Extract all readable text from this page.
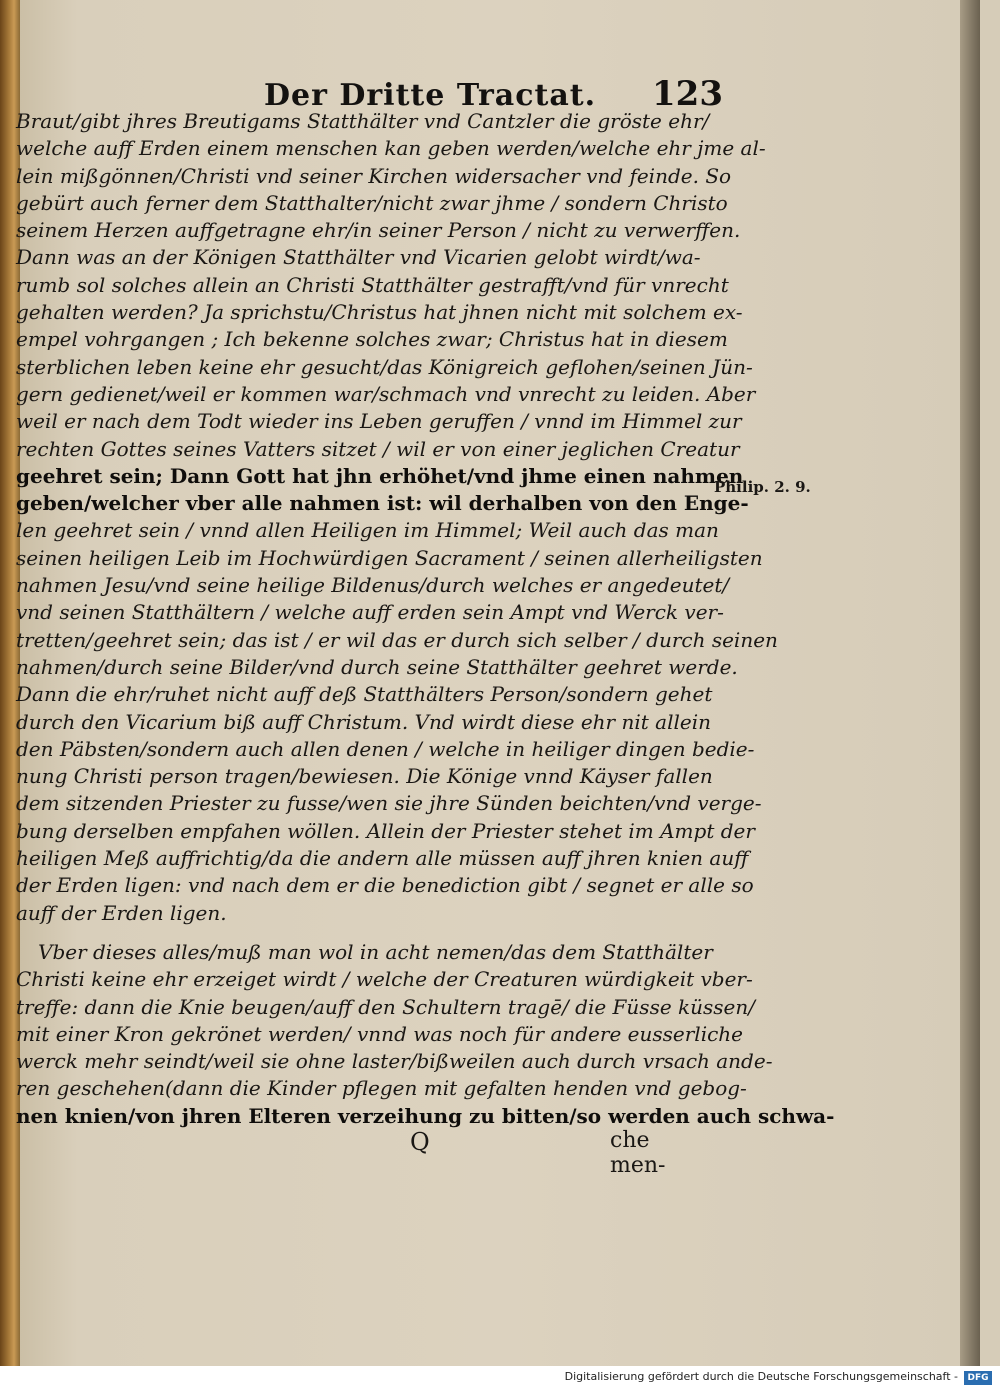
Der Dritte Tractat. 123
Braut/gibt jhres Breutigams Statthälter vnd Cantzler die gröste ehr/
welche auff Erden einem menschen kan geben werden/welche ehr jme al-
lein mißgönnen/Christi vnd seiner Kirchen widersacher vnd feinde. So
gebürt auch ferner dem Statthalter/nicht zwar jhme / sondern Christo
seinem Herzen auffgetragne ehr/in seiner Person / nicht zu verwerffen.
Dann was an der Königen Statthälter vnd Vicarien gelobt wirdt/wa-
rumb sol solches allein an Christi Statthälter gestrafft/vnd für vnrecht
gehalten werden? Ja sprichstu/Christus hat jhnen nicht mit solchem ex-
empel vohrgangen ; Ich bekenne solches zwar; Christus hat in diesem
sterblichen leben keine ehr gesucht/das Königreich geflohen/seinen Jün-
gern gedienet/weil er kommen war/schmach vnd vnrecht zu leiden. Aber
weil er nach dem Todt wieder ins Leben geruffen / vnnd im Himmel zur
rechten Gottes seines Vatters sitzet / wil er von einer jeglichen Creatur
geehret sein; Dann Gott hat jhn erhöhet/vnd jhme einen nahmen
geben/welcher vber alle nahmen ist: wil derhalben von den Enge-
len geehret sein / vnnd allen Heiligen im Himmel; Weil auch das man
seinen heiligen Leib im Hochwürdigen Sacrament / seinen allerheiligsten
nahmen Jesu/vnd seine heilige Bildenus/durch welches er angedeutet/
vnd seinen Statthältern / welche auff erden sein Ampt vnd Werck ver-
tretten/geehret sein; das ist / er wil das er durch sich selber / durch seinen
nahmen/durch seine Bilder/vnd durch seine Statthälter geehret werde.
Dann die ehr/ruhet nicht auff deß Statthälters Person/sondern gehet
durch den Vicarium biß auff Christum. Vnd wirdt diese ehr nit allein
den Päbsten/sondern auch allen denen / welche in heiliger dingen bedie-
nung Christi person tragen/bewiesen. Die Könige vnnd Käyser fallen
dem sitzenden Priester zu fusse/wen sie jhre Sünden beichten/vnd verge-
bung derselben empfahen wöllen. Allein der Priester stehet im Ampt der
heiligen Meß auffrichtig/da die andern alle müssen auff jhren knien auff
der Erden ligen: vnd nach dem er die benediction gibt / segnet er alle so
auff der Erden ligen.
Vber dieses alles/muß man wol in acht nemen/das dem Statthälter
Christi keine ehr erzeiget wirdt / welche der Creaturen würdigkeit vber-
treffe: dann die Knie beugen/auff den Schultern tragē/ die Füsse küssen/
mit einer Kron gekrönet werden/ vnnd was noch für andere eusserliche
werck mehr seindt/weil sie ohne laster/bißweilen auch durch vrsach ande-
ren geschehen(dann die Kinder pflegen mit gefalten henden vnd gebog-
nen knien/von jhren Elteren verzeihung zu bitten/so werden auch schwa-
Philip. 2. 9.
Q	che men-
Digitalisierung gefördert durch die Deutsche Forschungsgemeinschaft -	DFG
